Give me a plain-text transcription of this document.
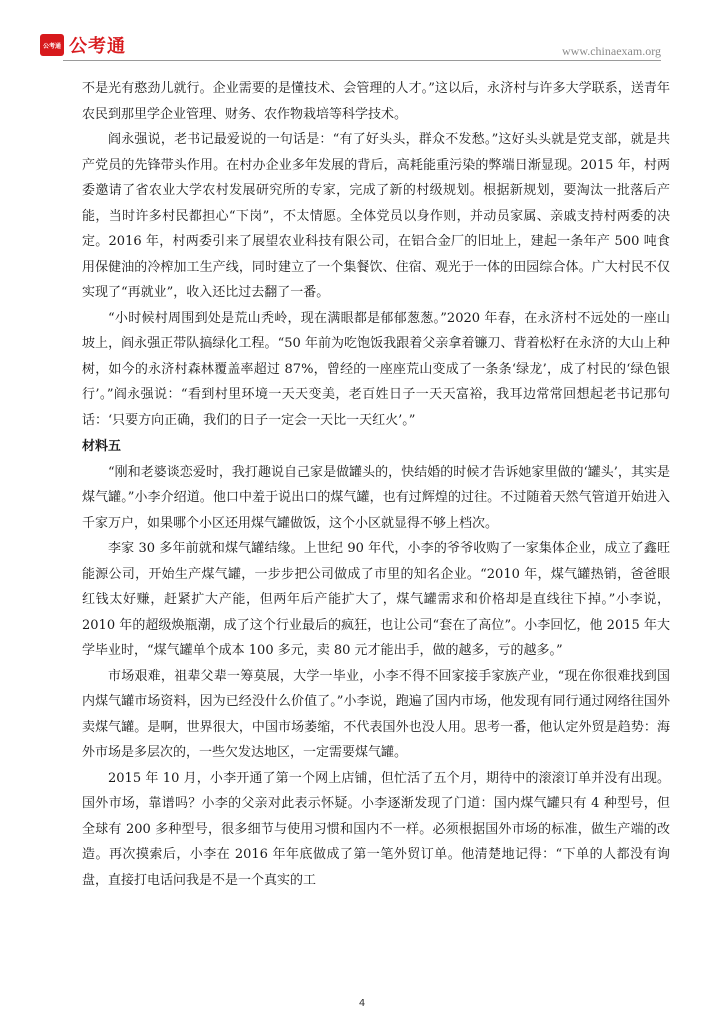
公考通 公考通	www.chinaexam.org

不是光有憨劲儿就行。企业需要的是懂技术、会管理的人才。”这以后，永济村与许多大学联系，送青年农民到那里学企业管理、财务、农作物栽培等科学技术。

阎永强说，老书记最爱说的一句话是：“有了好头头，群众不发愁。”这好头头就是党支部，就是共产党员的先锋带头作用。在村办企业多年发展的背后，高耗能重污染的弊端日渐显现。2015 年，村两委邀请了省农业大学农村发展研究所的专家，完成了新的村级规划。根据新规划，要淘汰一批落后产能，当时许多村民都担心“下岗”，不太情愿。全体党员以身作则，并动员家属、亲戚支持村两委的决定。2016 年，村两委引来了展望农业科技有限公司，在铝合金厂的旧址上，建起一条年产 500 吨食用保健油的冷榨加工生产线，同时建立了一个集餐饮、住宿、观光于一体的田园综合体。广大村民不仅实现了“再就业”，收入还比过去翻了一番。

“小时候村周围到处是荒山秃岭，现在满眼都是郁郁葱葱。”2020 年春，在永济村不远处的一座山坡上，阎永强正带队搞绿化工程。“50 年前为吃饱饭我跟着父亲拿着镰刀、背着松籽在永济的大山上种树，如今的永济村森林覆盖率超过 87%，曾经的一座座荒山变成了一条条‘绿龙’，成了村民的‘绿色银行’。”阎永强说：“看到村里环境一天天变美，老百姓日子一天天富裕，我耳边常常回想起老书记那句话：‘只要方向正确，我们的日子一定会一天比一天红火’。”

材料五

“刚和老婆谈恋爱时，我打趣说自己家是做罐头的，快结婚的时候才告诉她家里做的‘罐头’，其实是煤气罐。”小李介绍道。他口中羞于说出口的煤气罐，也有过辉煌的过往。不过随着天然气管道开始进入千家万户，如果哪个小区还用煤气罐做饭，这个小区就显得不够上档次。

李家 30 多年前就和煤气罐结缘。上世纪 90 年代，小李的爷爷收购了一家集体企业，成立了鑫旺能源公司，开始生产煤气罐，一步步把公司做成了市里的知名企业。“2010 年，煤气罐热销，爸爸眼红钱太好赚，赶紧扩大产能，但两年后产能扩大了，煤气罐需求和价格却是直线往下掉。”小李说，2010 年的超级焕瓶潮，成了这个行业最后的疯狂，也让公司“套在了高位”。小李回忆，他 2015 年大学毕业时，“煤气罐单个成本 100 多元，卖 80 元才能出手，做的越多，亏的越多。”

市场艰难，祖辈父辈一筹莫展，大学一毕业，小李不得不回家接手家族产业，“现在你很难找到国内煤气罐市场资料，因为已经没什么价值了。”小李说，跑遍了国内市场，他发现有同行通过网络往国外卖煤气罐。是啊，世界很大，中国市场萎缩，不代表国外也没人用。思考一番，他认定外贸是趋势：海外市场是多层次的，一些欠发达地区，一定需要煤气罐。

2015 年 10 月，小李开通了第一个网上店铺，但忙活了五个月，期待中的滚滚订单并没有出现。国外市场，靠谱吗？小李的父亲对此表示怀疑。小李逐渐发现了门道：国内煤气罐只有 4 种型号，但全球有 200 多种型号，很多细节与使用习惯和国内不一样。必须根据国外市场的标准，做生产端的改造。再次摸索后，小李在 2016 年年底做成了第一笔外贸订单。他清楚地记得：“下单的人都没有询盘，直接打电话问我是不是一个真实的工

4
